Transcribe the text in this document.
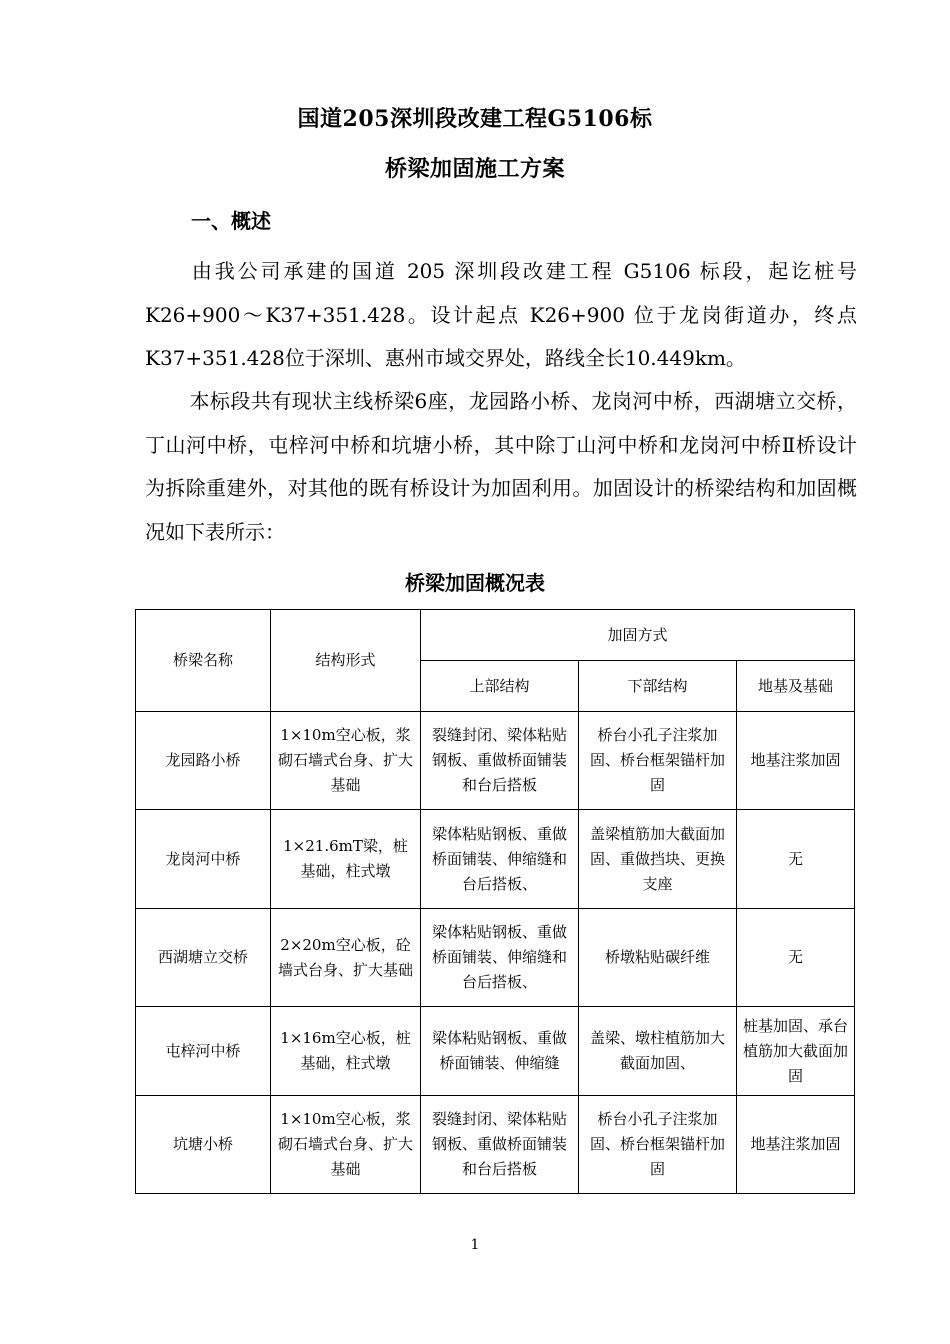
国道205深圳段改建工程G5106标
桥梁加固施工方案
一、概述
由我公司承建的国道 205 深圳段改建工程 G5106 标段，起讫桩号K26+900～K37+351.428。设计起点 K26+900 位于龙岗街道办，终点K37+351.428位于深圳、惠州市域交界处，路线全长10.449km。
本标段共有现状主线桥梁6座，龙园路小桥、龙岗河中桥，西湖塘立交桥，丁山河中桥，屯梓河中桥和坑塘小桥，其中除丁山河中桥和龙岗河中桥Ⅱ桥设计为拆除重建外，对其他的既有桥设计为加固利用。加固设计的桥梁结构和加固概况如下表所示：
桥梁加固概况表
桥梁名称	结构形式	加固方式		
		上部结构	下部结构	地基及基础
龙园路小桥	1×10m空心板，浆砌石墙式台身、扩大基础	裂缝封闭、梁体粘贴钢板、重做桥面铺装和台后搭板	桥台小孔子注浆加固、桥台框架锚杆加固	地基注浆加固
龙岗河中桥	1×21.6mT梁，桩基础，柱式墩	梁体粘贴钢板、重做桥面铺装、伸缩缝和台后搭板、	盖梁植筋加大截面加固、重做挡块、更换支座	无
西湖塘立交桥	2×20m空心板，砼墙式台身、扩大基础	梁体粘贴钢板、重做桥面铺装、伸缩缝和台后搭板、	桥墩粘贴碳纤维	无
屯梓河中桥	1×16m空心板，桩基础，柱式墩	梁体粘贴钢板、重做桥面铺装、伸缩缝	盖梁、墩柱植筋加大截面加固、	桩基加固、承台植筋加大截面加固
坑塘小桥	1×10m空心板，浆砌石墙式台身、扩大基础	裂缝封闭、梁体粘贴钢板、重做桥面铺装和台后搭板	桥台小孔子注浆加固、桥台框架锚杆加固	地基注浆加固
1
